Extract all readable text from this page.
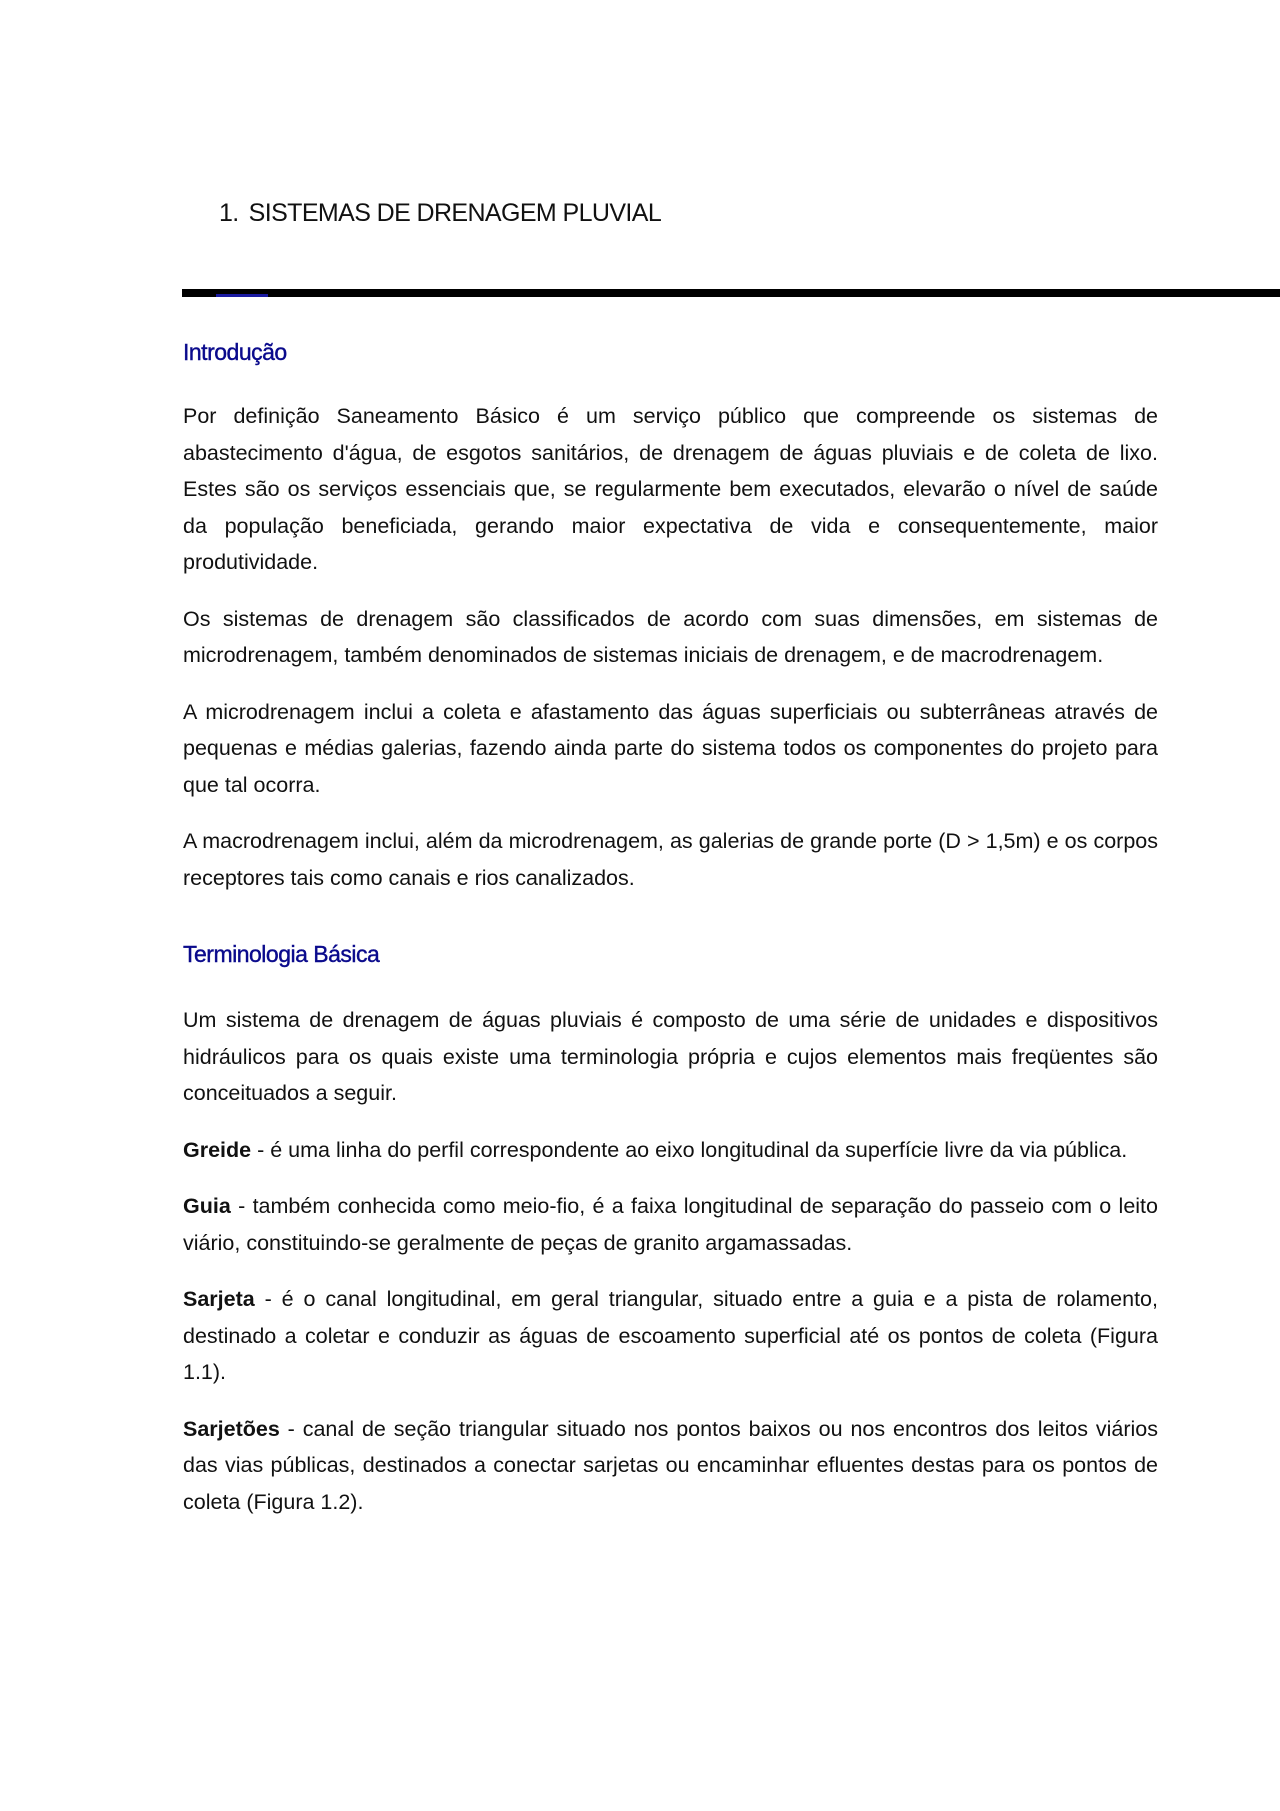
1. SISTEMAS DE DRENAGEM PLUVIAL
Introdução

Por definição Saneamento Básico é um serviço público que compreende os sistemas de abastecimento d'água, de esgotos sanitários, de drenagem de águas pluviais e de coleta de lixo. Estes são os serviços essenciais que, se regularmente bem executados, elevarão o nível de saúde da população beneficiada, gerando maior expectativa de vida e consequentemente, maior produtividade.

Os sistemas de drenagem são classificados de acordo com suas dimensões, em sistemas de microdrenagem, também denominados de sistemas iniciais de drenagem, e de macrodrenagem.

A microdrenagem inclui a coleta e afastamento das águas superficiais ou subterrâneas através de pequenas e médias galerias, fazendo ainda parte do sistema todos os componentes do projeto para que tal ocorra.

A macrodrenagem inclui, além da microdrenagem, as galerias de grande porte (D > 1,5m) e os corpos receptores tais como canais e rios canalizados.

Terminologia Básica

Um sistema de drenagem de águas pluviais é composto de uma série de unidades e dispositivos hidráulicos para os quais existe uma terminologia própria e cujos elementos mais freqüentes são conceituados a seguir.

Greide - é uma linha do perfil correspondente ao eixo longitudinal da superfície livre da via pública.

Guia - também conhecida como meio-fio, é a faixa longitudinal de separação do passeio com o leito viário, constituindo-se geralmente de peças de granito argamassadas.

Sarjeta - é o canal longitudinal, em geral triangular, situado entre a guia e a pista de rolamento, destinado a coletar e conduzir as águas de escoamento superficial até os pontos de coleta (Figura 1.1).

Sarjetões - canal de seção triangular situado nos pontos baixos ou nos encontros dos leitos viários das vias públicas, destinados a conectar sarjetas ou encaminhar efluentes destas para os pontos de coleta (Figura 1.2).
